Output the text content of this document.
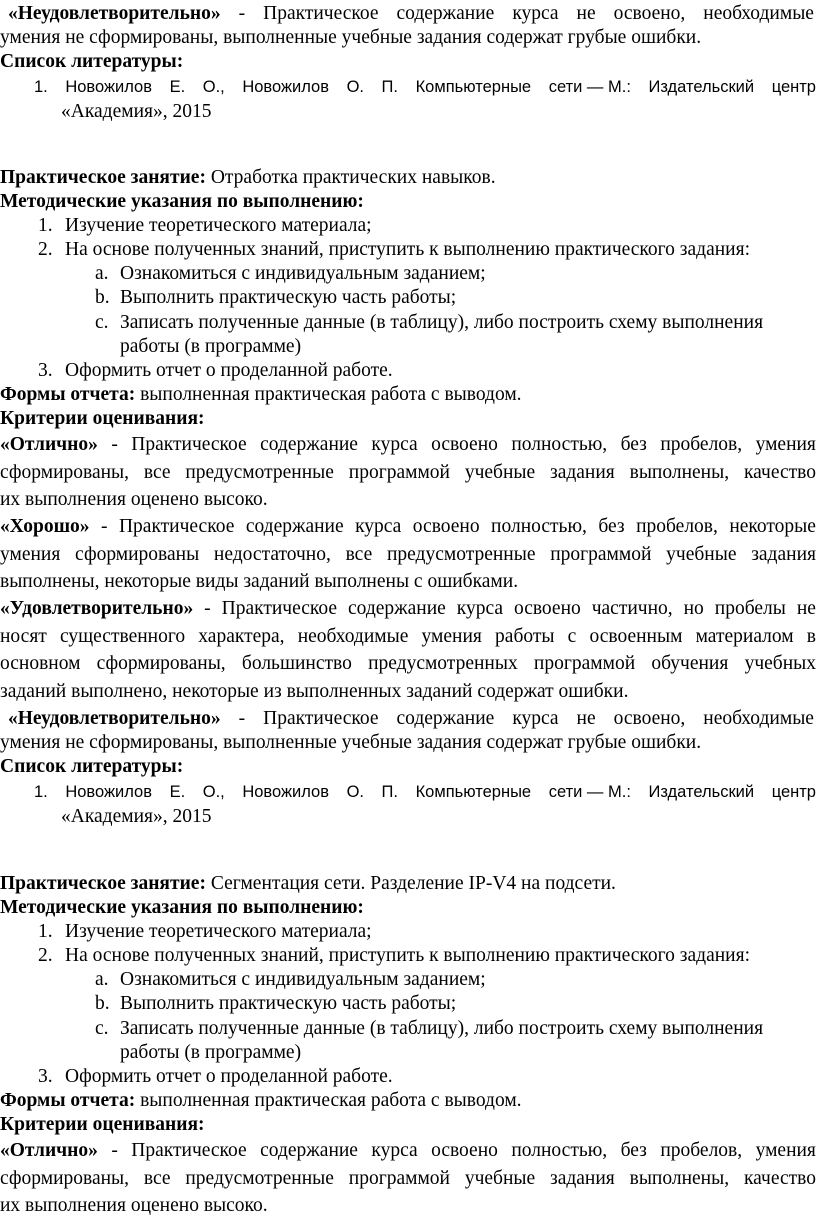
«Неудовлетворительно» - Практическое содержание курса не освоено, необходимые
умения не сформированы, выполненные учебные задания содержат грубые ошибки.
Список литературы:
1. Новожилов Е. О., Новожилов О. П. Компьютерные сети — М.: Издательский центр
«Академия», 2015
Практическое занятие: Отработка практических навыков.
Методические указания по выполнению:
1. Изучение теоретического материала;
2. На основе полученных знаний, приступить к выполнению практического задания:
a. Ознакомиться с индивидуальным заданием;
b. Выполнить практическую часть работы;
c. Записать полученные данные (в таблицу), либо построить схему выполнения
работы (в программе)
3. Оформить отчет о проделанной работе.
Формы отчета: выполненная практическая работа с выводом.
Критерии оценивания:
«Отлично» - Практическое содержание курса освоено полностью, без пробелов, умения
сформированы, все предусмотренные программой учебные задания выполнены, качество
их выполнения оценено высоко.
«Хорошо» - Практическое содержание курса освоено полностью, без пробелов, некоторые
умения сформированы недостаточно, все предусмотренные программой учебные задания
выполнены, некоторые виды заданий выполнены с ошибками.
«Удовлетворительно» - Практическое содержание курса освоено частично, но пробелы не
носят существенного характера, необходимые умения работы с освоенным материалом в
основном сформированы, большинство предусмотренных программой обучения учебных
заданий выполнено, некоторые из выполненных заданий содержат ошибки.
«Неудовлетворительно» - Практическое содержание курса не освоено, необходимые
умения не сформированы, выполненные учебные задания содержат грубые ошибки.
Список литературы:
1. Новожилов Е. О., Новожилов О. П. Компьютерные сети — М.: Издательский центр
«Академия», 2015
Практическое занятие: Сегментация сети. Разделение IP-V4 на подсети.
Методические указания по выполнению:
1. Изучение теоретического материала;
2. На основе полученных знаний, приступить к выполнению практического задания:
a. Ознакомиться с индивидуальным заданием;
b. Выполнить практическую часть работы;
c. Записать полученные данные (в таблицу), либо построить схему выполнения
работы (в программе)
3. Оформить отчет о проделанной работе.
Формы отчета: выполненная практическая работа с выводом.
Критерии оценивания:
«Отлично» - Практическое содержание курса освоено полностью, без пробелов, умения
сформированы, все предусмотренные программой учебные задания выполнены, качество
их выполнения оценено высоко.
